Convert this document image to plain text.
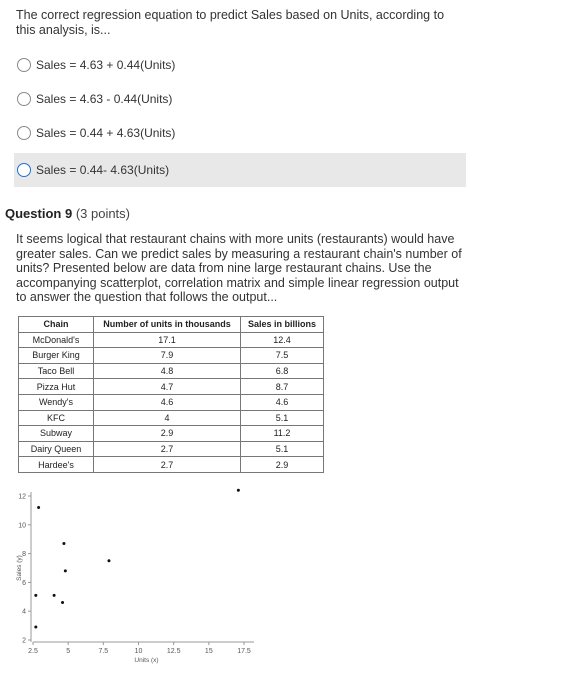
The correct regression equation to predict Sales based on Units, according to this analysis, is...
Sales = 4.63 + 0.44(Units)
Sales = 4.63 - 0.44(Units)
Sales = 0.44 + 4.63(Units)
Sales = 0.44- 4.63(Units)
Question 9 (3 points)
It seems logical that restaurant chains with more units (restaurants) would have greater sales. Can we predict sales by measuring a restaurant chain's number of units? Presented below are data from nine large restaurant chains. Use the accompanying scatterplot, correlation matrix and simple linear regression output to answer the question that follows the output...
Chain	Number of units in thousands	Sales in billions
McDonald's	17.1	12.4
Burger King	7.9	7.5
Taco Bell	4.8	6.8
Pizza Hut	4.7	8.7
Wendy's	4.6	4.6
KFC	4	5.1
Subway	2.9	11.2
Dairy Queen	2.7	5.1
Hardee's	2.7	2.9
2.5	5	7.5	10	12.5	15	17.5
2
4
6
8
10
12
Units (x)
Sales (y)
